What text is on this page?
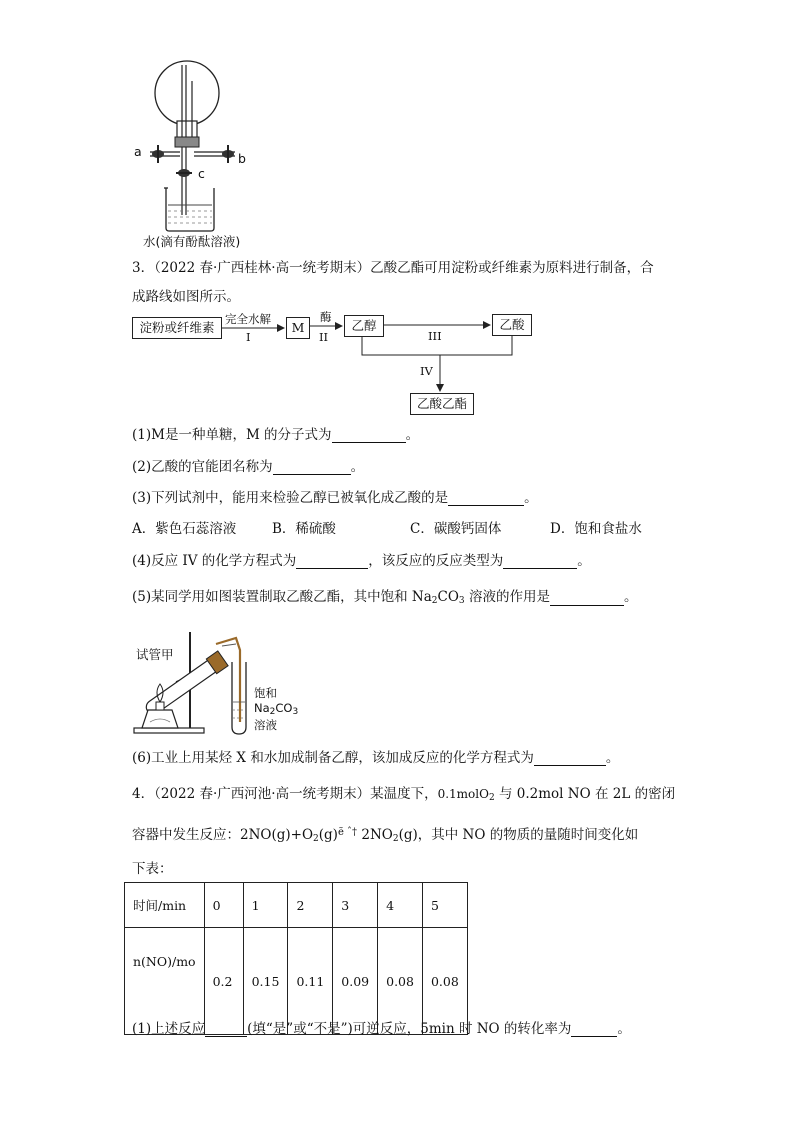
a	b
c
水(滴有酚酞溶液)
3．（2022 春·广西桂林·高一统考期末）乙酸乙酯可用淀粉或纤维素为原料进行制备，合
成路线如图所示。
淀粉或纤维素
完全水解
I
M
酶
II
乙醇
III
乙酸
IV
乙酸乙酯
(1)M是一种单糖，M 的分子式为	。
(2)乙酸的官能团名称为	。
(3)下列试剂中，能用来检验乙醇已被氧化成乙酸的是	。
A．紫色石蕊溶液	B．稀硫酸	C．碳酸钙固体	D．饱和食盐水
(4)反应 IV 的化学方程式为	，该反应的反应类型为	。
(5)某同学用如图装置制取乙酸乙酯，其中饱和 $Na_2CO_3$ 溶液的作用是	。
试管甲
饱和
$Na_2CO_3$
溶液
(6)工业上用某烃 X 和水加成制备乙醇，该加成反应的化学方程式为	。
4．（2022 春·广西河池·高一统考期末）某温度下，0.1molO$_2$ 与 0.2mol NO 在 2L 的密闭
容器中发生反应：$2NO(g)+O_2(g)^{ẽ ˆ\dagger}$ $2NO_2(g)$，其中 NO 的物质的量随时间变化如
下表：
时间/min	0	1	2	3	4	5
n(NO)/mo	0.2	0.15	0.11	0.09	0.08	0.08
(1)上述反应	(填“是”或“不是”)可逆反应，5min 时 NO 的转化率为	。
